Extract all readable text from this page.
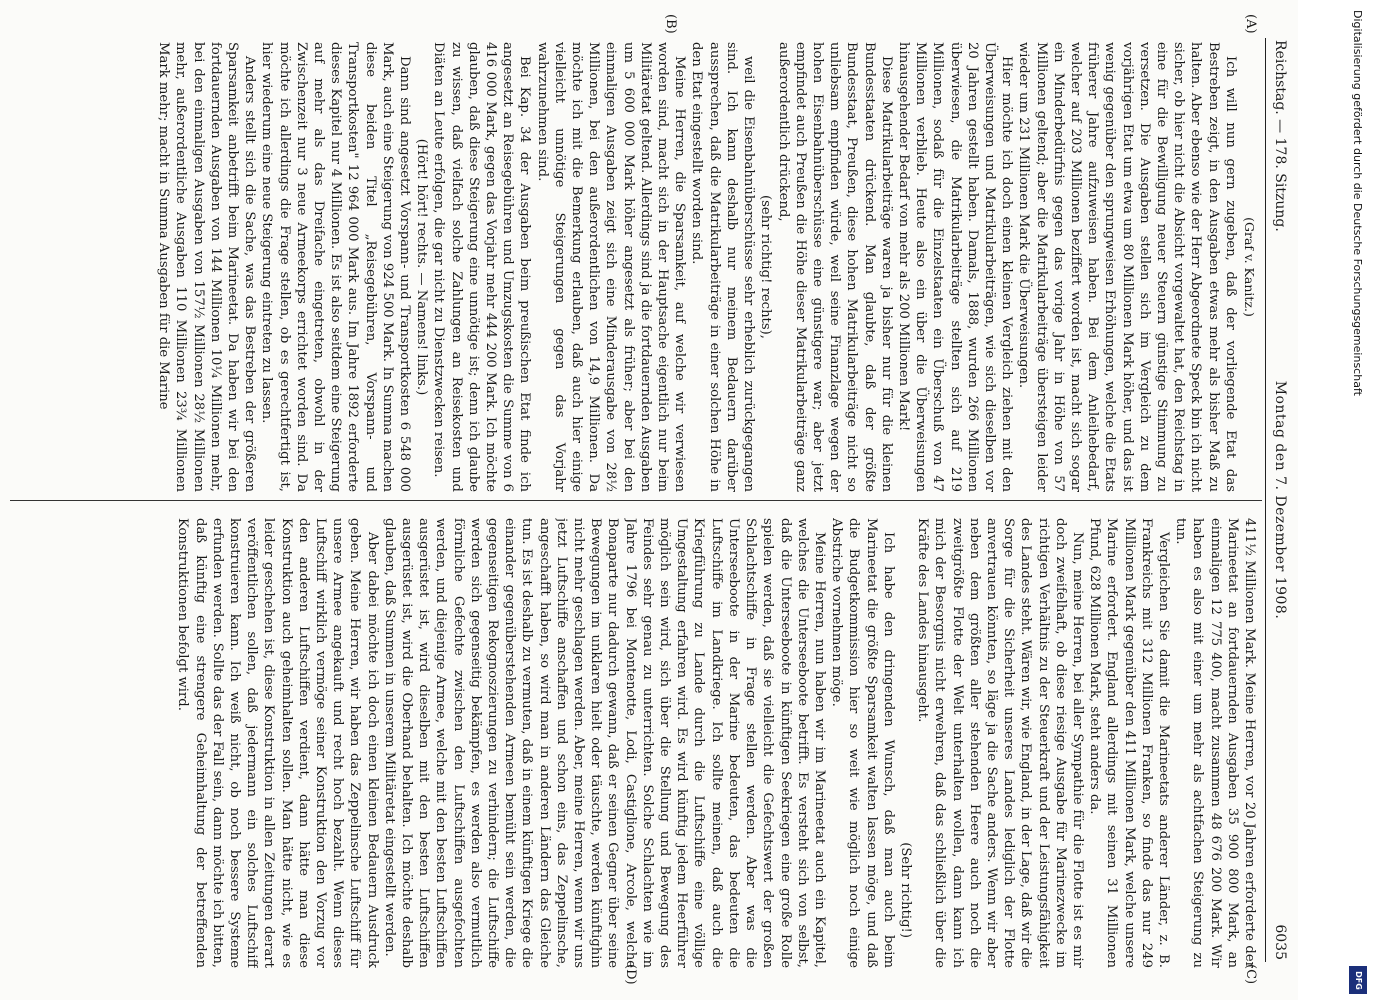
Reichstag. — 178. Sitzung.
Montag den 7. Dezember 1908.
6035
(A)
(B)
(C)
(D)

(Graf v. Kanitz.)

Ich will nun gern zugeben, daß der vorliegende Etat das Bestreben zeigt, in den Ausgaben etwas mehr als bisher Maß zu halten. Aber ebenso wie der Herr Abgeordnete Speck bin ich nicht sicher, ob hier nicht die Absicht vorgewaltet hat, den Reichstag in eine für die Bewilligung neuer Steuern günstige Stimmung zu versetzen. Die Ausgaben stellen sich im Vergleich zu dem vorjährigen Etat um etwa um 80 Millionen Mark höher, und das ist wenig gegenüber den sprungweisen Erhöhungen, welche die Etats früherer Jahre aufzuweisen haben. Bei dem Anleihebedarf, welcher auf 203 Millionen beziffert worden ist, macht sich sogar ein Minderbedürfnis gegen das vorige Jahr in Höhe von 57 Millionen geltend; aber die Matrikularbeiträge übersteigen leider wieder um 231 Millionen Mark die Überweisungen.

Hier möchte ich doch einen kleinen Vergleich ziehen mit den Überweisungen und Matrikularbeiträgen, wie sich dieselben vor 20 Jahren gestellt haben. Damals, 1888, wurden 266 Millionen überwiesen, die Matrikularbeiträge stellten sich auf 219 Millionen, sodaß für die Einzelstaaten ein Überschuß von 47 Millionen verblieb. Heute also ein über die Überweisungen hinausgehender Bedarf von mehr als 200 Millionen Mark!

Diese Matrikularbeiträge waren ja bisher nur für die kleinen Bundesstaaten drückend. Man glaubte, daß der größte Bundesstaat, Preußen, diese hohen Matrikularbeiträge nicht so unliebsam empfinden würde, weil seine Finanzlage wegen der hohen Eisenbahnüberschüsse eine günstigere war; aber jetzt empfindet auch Preußen die Höhe dieser Matrikularbeiträge ganz außerordentlich drückend,

(sehr richtig! rechts),

weil die Eisenbahnüberschüsse sehr erheblich zurückgegangen sind. Ich kann deshalb nur meinem Bedauern darüber aussprechen, daß die Matrikularbeiträge in einer solchen Höhe in den Etat eingestellt worden sind.

Meine Herren, die Sparsamkeit, auf welche wir verwiesen worden sind, macht sich in der Hauptsache eigentlich nur beim Militäretat geltend. Allerdings sind ja die fortdauernden Ausgaben um 5 600 000 Mark höher angesetzt als früher; aber bei den einmaligen Ausgaben zeigt sich eine Minderausgabe von 28½ Millionen, bei den außerordentlichen von 14,9 Millionen. Da möchte ich mit die Bemerkung erlauben, daß auch hier einige vielleicht unnötige Steigerungen gegen das Vorjahr wahrzunehmen sind.

Bei Kap. 34 der Ausgaben beim preußischen Etat finde ich angesetzt an Reisegebühren und Umzugskosten die Summe von 6 416 000 Mark, gegen das Vorjahr mehr 444 200 Mark. Ich möchte glauben, daß diese Steigerung eine unnötige ist; denn ich glaube zu wissen, daß vielfach solche Zahlungen an Reisekosten und Diäten an Leute erfolgen, die gar nicht zu Dienstzwecken reisen.

(Hört! hört! rechts. — Namens! links.)

Dann sind angesetzt Vorspann- und Transportkosten 6 548 000 Mark, auch eine Steigerung von 924 500 Mark. In Summa machen diese beiden Titel „Reisegebühren, Vorspann- und Transportkosten" 12 964 000 Mark aus. Im Jahre 1892 erforderte dieses Kapitel nur 4 Millionen. Es ist also seitdem eine Steigerung auf mehr als das Dreifache eingetreten, obwohl in der Zwischenzeit nur 3 neue Armeekorps errichtet worden sind. Da möchte ich allerdings die Frage stellen, ob es gerechtfertigt ist, hier wiederum eine neue Steigerung eintreten zu lassen.

Anders stellt sich die Sache, was das Bestreben der größeren Sparsamkeit anbetrifft beim Marineetat. Da haben wir bei den fortdauernden Ausgaben von 144 Millionen 10¼ Millionen mehr, bei den einmaligen Ausgaben von 157½ Millionen 28½ Millionen mehr, außerordentliche Ausgaben 110 Millionen 23¾ Millionen Mark mehr; macht in Summa Ausgaben für die Marine

411½ Millionen Mark. Meine Herren, vor 20 Jahren erforderte der Marineetat an fortdauernden Ausgaben 35 900 800 Mark, an einmaligen 12 775 400, macht zusammen 48 676 200 Mark. Wir haben es also mit einer um mehr als achtfachen Steigerung zu tun.

Vergleichen Sie damit die Marineetats anderer Länder, z. B. Frankreichs mit 312 Millionen Franken, so finde das nur 249 Millionen Mark gegenüber den 411 Millionen Mark, welche unsere Marine erfordert. England allerdings mit seinen 31 Millionen Pfund, 628 Millionen Mark, steht anders da.

Nun, meine Herren, bei aller Sympathie für die Flotte ist es mir doch zweifelhaft, ob diese riesige Ausgabe für Marinezwecke im richtigen Verhältnis zu der Steuerkraft und der Leistungsfähigkeit des Landes steht. Wären wir, wie England, in der Lage, daß wir die Sorge für die Sicherheit unseres Landes lediglich der Flotte anvertrauen könnten, so läge ja die Sache anders. Wenn wir aber neben dem größten aller stehenden Heere auch noch die zweitgrößte Flotte der Welt unterhalten wollen, dann kann ich mich der Besorgnis nicht erwehren, daß das schließlich über die Kräfte des Landes hinausgeht.

(Sehr richtig!)

Ich habe den dringenden Wunsch, daß man auch beim Marineetat die größte Sparsamkeit walten lassen möge, und daß die Budgetkommission hier so weit wie möglich noch einige Abstriche vornehmen möge.

Meine Herren, nun haben wir im Marineetat auch ein Kapitel, welches die Unterseeboote betrifft. Es versteht sich von selbst, daß die Unterseeboote in künftigen Seekriegen eine große Rolle spielen werden, daß sie vielleicht die Gefechtswert der großen Schlachtschiffe in Frage stellen werden. Aber was die Unterseeboote in der Marine bedeuten, das bedeuten die Luftschiffe im Landkriege. Ich sollte meinen, daß auch die Kriegführung zu Lande durch die Luftschiffe eine völlige Umgestaltung erfahren wird. Es wird künftig jedem Heerführer möglich sein wird, sich über die Stellung und Bewegung des Feindes sehr genau zu unterrichten. Solche Schlachten wie im Jahre 1796 bei Montenotte, Lodi, Castiglione, Arcole, welche Bonaparte nur dadurch gewann, daß er seinen Gegner über seine Bewegungen im unklaren hielt oder täuschte, werden künftighin nicht mehr geschlagen werden. Aber, meine Herren, wenn wir uns jetzt Luftschiffe anschaffen und schon eins, das Zeppelinsche, angeschafft haben, so wird man in anderen Ländern das Gleiche tun. Es ist deshalb zu vermuten, daß in einem künftigen Kriege die einander gegenüberstehenden Armeen bemüht sein werden, die gegenseitigen Rekognoszierungen zu verhindern; die Luftschiffe werden sich gegenseitig bekämpfen, es werden also vermutlich förmliche Gefechte zwischen den Luftschiffen ausgefochten werden, und diejenige Armee, welche mit den besten Luftschiffen ausgerüstet ist, wird dieselben mit den besten Luftschiffen ausgerüstet ist, wird die Oberhand behalten. Ich möchte deshalb glauben, daß Summen in unserem Militäretat eingestellt werden.

Aber dabei möchte ich doch einen kleinen Bedauern Ausdruck geben. Meine Herren, wir haben das Zeppelinsche Luftschiff für unsere Armee angekauft und recht hoch bezahlt. Wenn dieses Luftschiff wirklich vermöge seiner Konstruktion den Vorzug vor den anderen Luftschiffen verdient, dann hätte man diese Konstruktion auch geheimhalten sollen. Man hätte nicht, wie es leider geschehen ist, diese Konstruktion in allen Zeitungen derart veröffentlichen sollen, daß jedermann ein solches Luftschiff konstruieren kann. Ich weiß nicht, ob noch bessere Systeme erfunden werden. Sollte das der Fall sein, dann möchte ich bitten, daß künftig eine strengere Geheimhaltung der betreffenden Konstruktionen befolgt wird.

Digitalisierung gefördert durch die Deutsche Forschungsgemeinschaft
DFG
